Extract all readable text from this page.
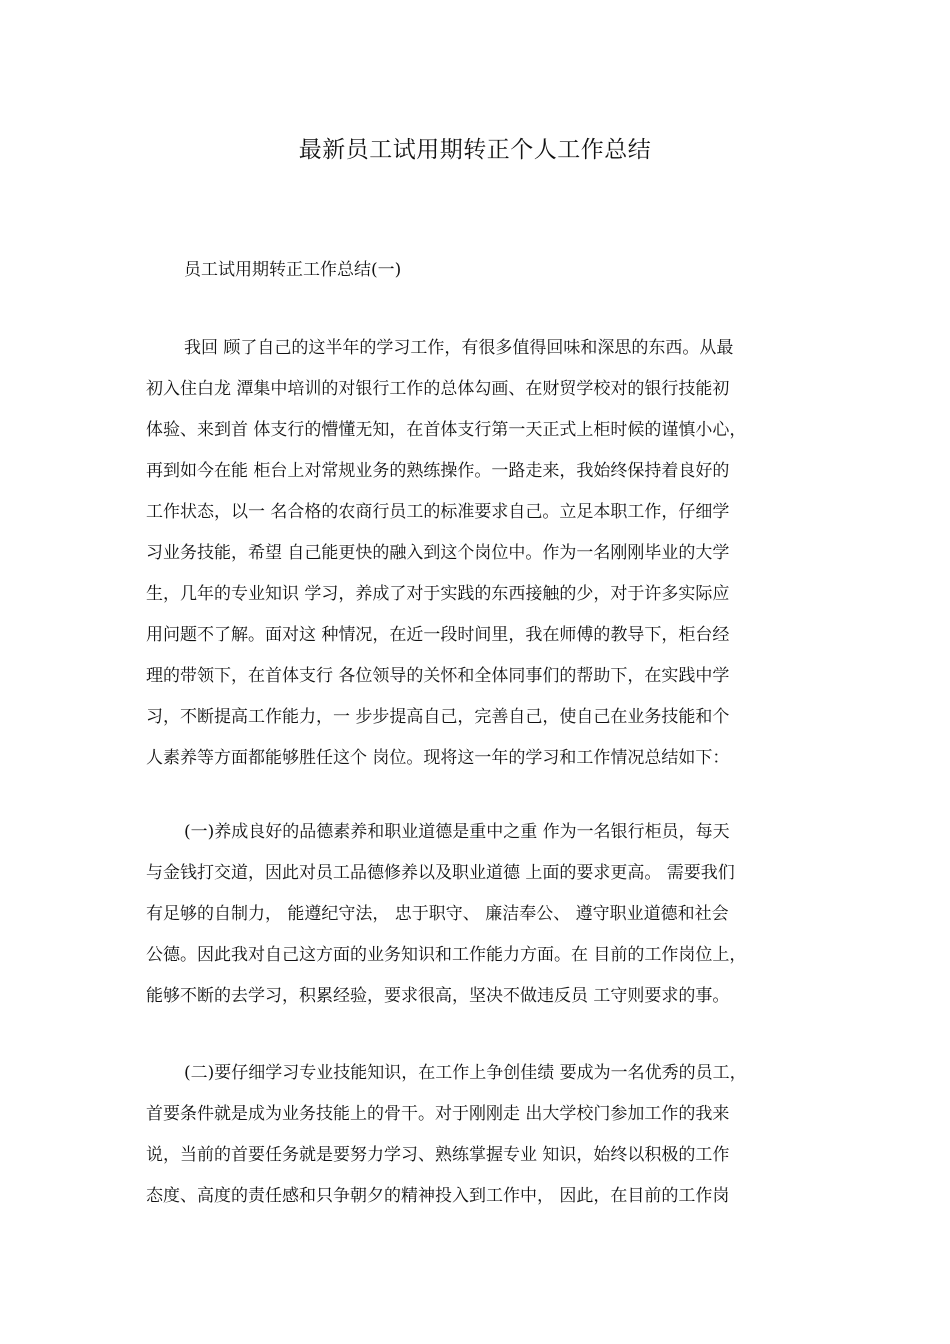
最新员工试用期转正个人工作总结
员工试用期转正工作总结(一)
我回 顾了自己的这半年的学习工作，有很多值得回味和深思的东西。从最
初入住白龙 潭集中培训的对银行工作的总体勾画、在财贸学校对的银行技能初
体验、来到首 体支行的懵懂无知，在首体支行第一天正式上柜时候的谨慎小心，
再到如今在能 柜台上对常规业务的熟练操作。一路走来，我始终保持着良好的
工作状态，以一 名合格的农商行员工的标准要求自己。立足本职工作，仔细学
习业务技能，希望 自己能更快的融入到这个岗位中。作为一名刚刚毕业的大学
生，几年的专业知识 学习，养成了对于实践的东西接触的少，对于许多实际应
用问题不了解。面对这 种情况，在近一段时间里，我在师傅的教导下，柜台经
理的带领下，在首体支行 各位领导的关怀和全体同事们的帮助下，在实践中学
习，不断提高工作能力，一 步步提高自己，完善自己，使自己在业务技能和个
人素养等方面都能够胜任这个 岗位。现将这一年的学习和工作情况总结如下：
(一)养成良好的品德素养和职业道德是重中之重 作为一名银行柜员，每天
与金钱打交道，因此对员工品德修养以及职业道德 上面的要求更高。 需要我们
有足够的自制力， 能遵纪守法， 忠于职守、 廉洁奉公、 遵守职业道德和社会
公德。因此我对自己这方面的业务知识和工作能力方面。在 目前的工作岗位上，
能够不断的去学习，积累经验，要求很高，坚决不做违反员 工守则要求的事。
(二)要仔细学习专业技能知识，在工作上争创佳绩 要成为一名优秀的员工，
首要条件就是成为业务技能上的骨干。对于刚刚走 出大学校门参加工作的我来
说，当前的首要任务就是要努力学习、熟练掌握专业 知识，始终以积极的工作
态度、高度的责任感和只争朝夕的精神投入到工作中， 因此，在目前的工作岗
